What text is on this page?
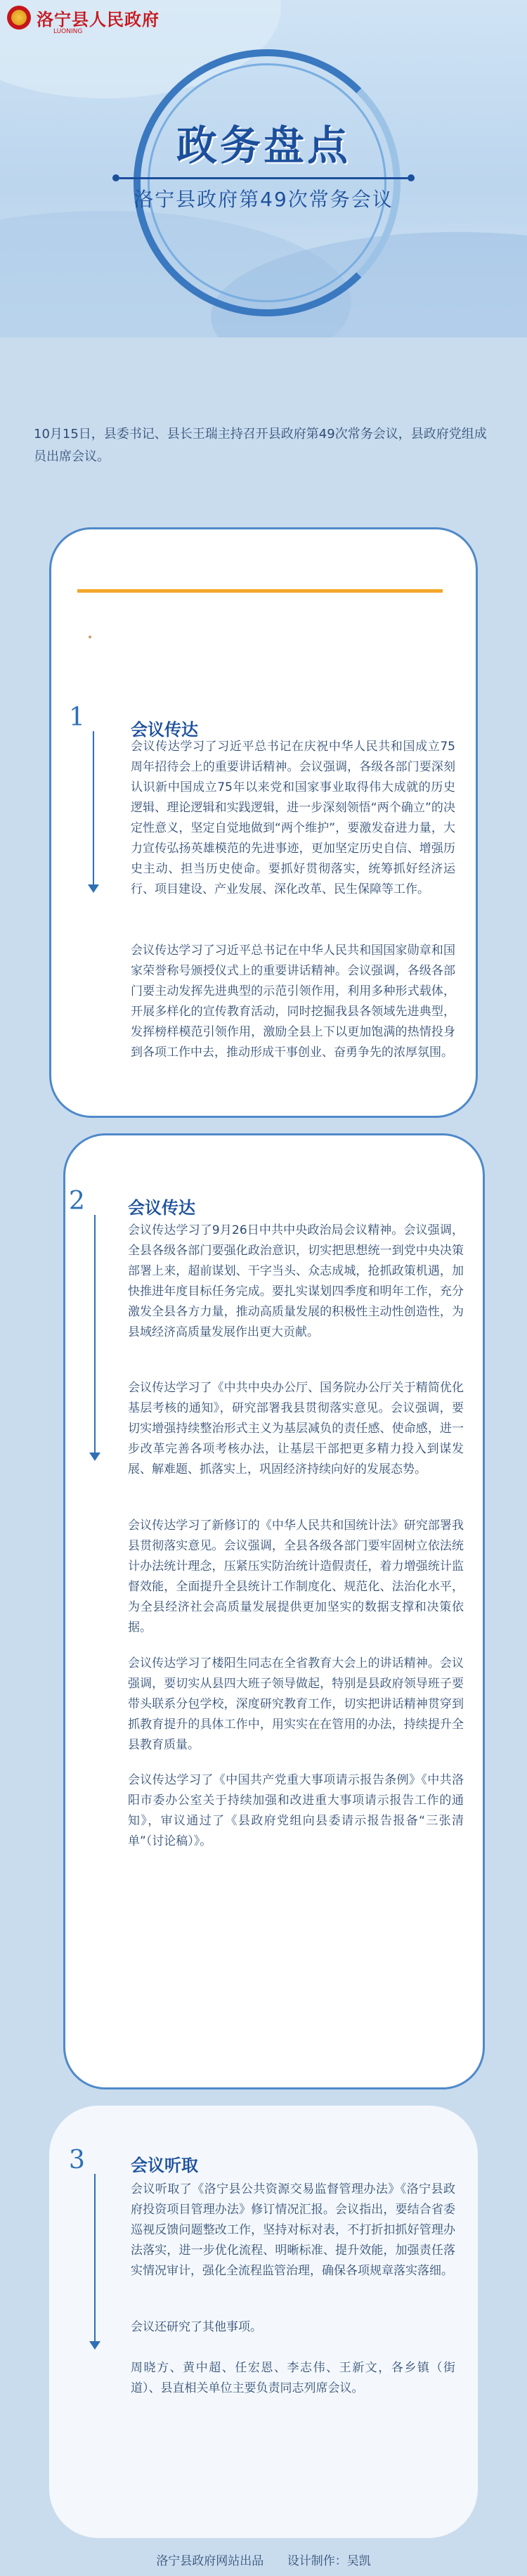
洛宁县人民政府
LUONING
政务盘点
洛宁县政府第49次常务会议
10月15日，县委书记、县长王瑞主持召开县政府第49次常务会议，县政府党组成员出席会议。
1	会议传达
会议传达学习了习近平总书记在庆祝中华人民共和国成立75周年招待会上的重要讲话精神。会议强调，各级各部门要深刻认识新中国成立75年以来党和国家事业取得伟大成就的历史逻辑、理论逻辑和实践逻辑，进一步深刻领悟“两个确立”的决定性意义，坚定自觉地做到“两个维护”，要激发奋进力量，大力宣传弘扬英雄模范的先进事迹，更加坚定历史自信、增强历史主动、担当历史使命。要抓好贯彻落实，统筹抓好经济运行、项目建设、产业发展、深化改革、民生保障等工作。
会议传达学习了习近平总书记在中华人民共和国国家勋章和国家荣誉称号颁授仪式上的重要讲话精神。会议强调，各级各部门要主动发挥先进典型的示范引领作用，利用多种形式载体，开展多样化的宣传教育活动，同时挖掘我县各领域先进典型，发挥榜样模范引领作用，激励全县上下以更加饱满的热情投身到各项工作中去，推动形成干事创业、奋勇争先的浓厚氛围。
2	会议传达
会议传达学习了9月26日中共中央政治局会议精神。会议强调，全县各级各部门要强化政治意识，切实把思想统一到党中央决策部署上来，超前谋划、干字当头、众志成城，抢抓政策机遇，加快推进年度目标任务完成。要扎实谋划四季度和明年工作，充分激发全县各方力量，推动高质量发展的积极性主动性创造性，为县域经济高质量发展作出更大贡献。
会议传达学习了《中共中央办公厅、国务院办公厅关于精简优化基层考核的通知》，研究部署我县贯彻落实意见。会议强调，要切实增强持续整治形式主义为基层减负的责任感、使命感，进一步改革完善各项考核办法，让基层干部把更多精力投入到谋发展、解难题、抓落实上，巩固经济持续向好的发展态势。
会议传达学习了新修订的《中华人民共和国统计法》研究部署我县贯彻落实意见。会议强调，全县各级各部门要牢固树立依法统计办法统计理念，压紧压实防治统计造假责任，着力增强统计监督效能，全面提升全县统计工作制度化、规范化、法治化水平，为全县经济社会高质量发展提供更加坚实的数据支撑和决策依据。
会议传达学习了楼阳生同志在全省教育大会上的讲话精神。会议强调，要切实从县四大班子领导做起，特别是县政府领导班子要带头联系分包学校，深度研究教育工作，切实把讲话精神贯穿到抓教育提升的具体工作中，用实实在在管用的办法，持续提升全县教育质量。
会议传达学习了《中国共产党重大事项请示报告条例》《中共洛阳市委办公室关于持续加强和改进重大事项请示报告工作的通知》，审议通过了《县政府党组向县委请示报告报备“三张清单”（讨论稿）》。
3	会议听取
会议听取了《洛宁县公共资源交易监督管理办法》《洛宁县政府投资项目管理办法》修订情况汇报。会议指出，要结合省委巡视反馈问题整改工作，坚持对标对表，不打折扣抓好管理办法落实，进一步优化流程、明晰标准、提升效能，加强责任落实情况审计，强化全流程监管治理，确保各项规章落实落细。
会议还研究了其他事项。
周晓方、黄中超、任宏恩、李志伟、王新文，各乡镇（街道）、县直相关单位主要负责同志列席会议。
洛宁县政府网站出品 设计制作：吴凯
